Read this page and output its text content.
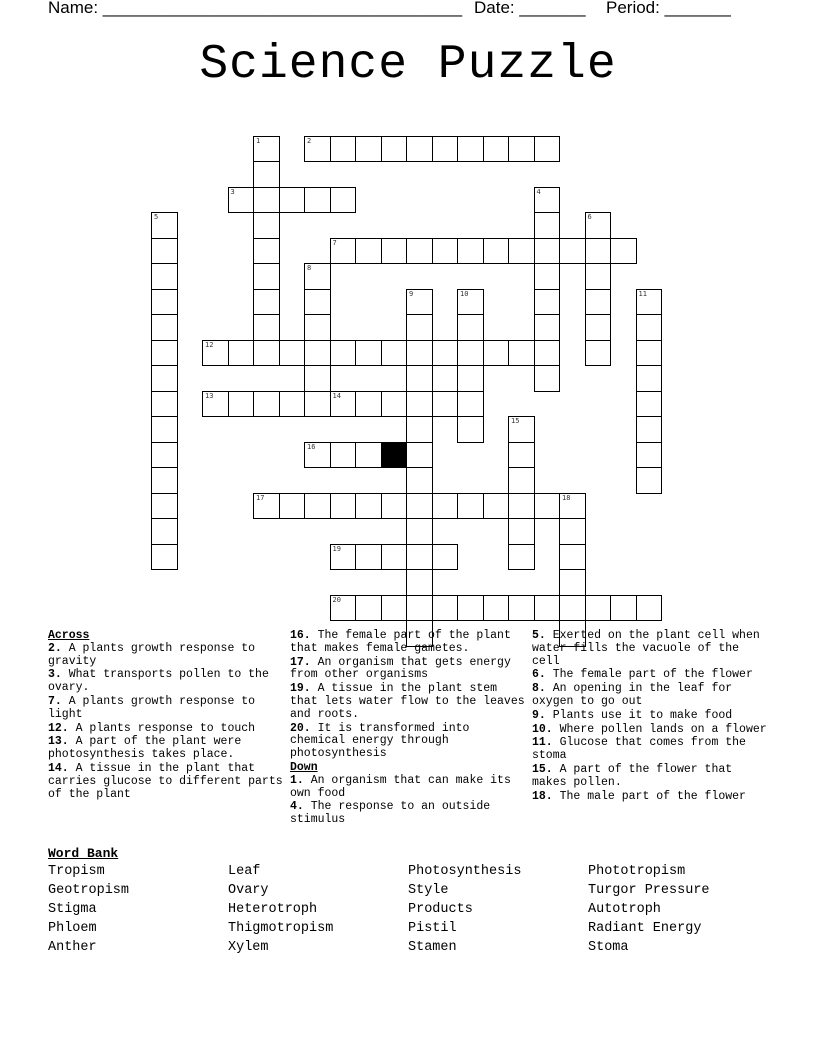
Name: ______________________________________ Date: _______ Period: _______
Science Puzzle
1	2
3	4
5	6
7
8
9	10	11
12
13	14
15
16
17	18
19
20
Across
2. A plants growth response to gravity
3. What transports pollen to the ovary.
7. A plants growth response to light
12. A plants response to touch
13. A part of the plant were photosynthesis takes place.
14. A tissue in the plant that carries glucose to different parts of the plant
16. The female part of the plant that makes female gametes.
17. An organism that gets energy from other organisms
19. A tissue in the plant stem that lets water flow to the leaves and roots.
20. It is transformed into chemical energy through photosynthesis
Down
1. An organism that can make its own food
4. The response to an outside stimulus
5. Exerted on the plant cell when water fills the vacuole of the cell
6. The female part of the flower
8. An opening in the leaf for oxygen to go out
9. Plants use it to make food
10. Where pollen lands on a flower
11. Glucose that comes from the stoma
15. A part of the flower that makes pollen.
18. The male part of the flower
Word Bank
Tropism	Leaf	Photosynthesis	Phototropism
Geotropism	Ovary	Style	Turgor Pressure
Stigma	Heterotroph	Products	Autotroph
Phloem	Thigmotropism	Pistil	Radiant Energy
Anther	Xylem	Stamen	Stoma
